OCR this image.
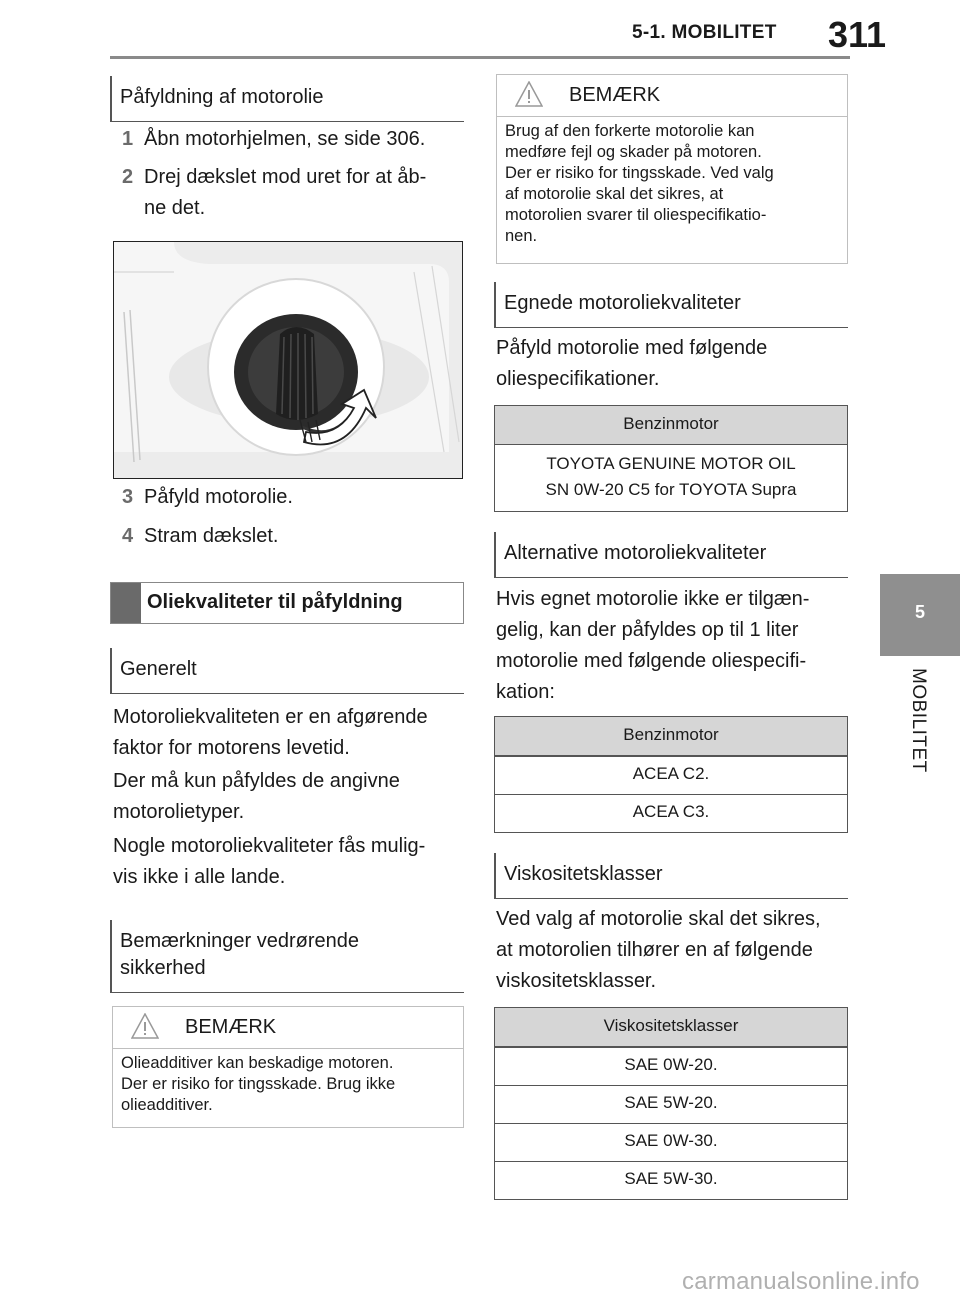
5-1. MOBILITET 311
5
MOBILITET
Påfyldning af motorolie
1 Åbn motorhjelmen, se side 306.
2 Drej dækslet mod uret for at åb-
ne det.
3 Påfyld motorolie.
4 Stram dækslet.
Oliekvaliteter til påfyldning
Generelt
Motoroliekvaliteten er en afgørende
faktor for motorens levetid.
Der må kun påfyldes de angivne
motorolietyper.
Nogle motoroliekvaliteter fås mulig-
vis ikke i alle lande.
Bemærkninger vedrørende
sikkerhed
BEMÆRK
Olieadditiver kan beskadige motoren.
Der er risiko for tingsskade. Brug ikke
olieadditiver.
BEMÆRK
Brug af den forkerte motorolie kan
medføre fejl og skader på motoren.
Der er risiko for tingsskade. Ved valg
af motorolie skal det sikres, at
motorolien svarer til oliespecifikatio-
nen.
Egnede motoroliekvaliteter
Påfyld motorolie med følgende
oliespecifikationer.
Benzinmotor
TOYOTA GENUINE MOTOR OIL
SN 0W-20 C5 for TOYOTA Supra
Alternative motoroliekvaliteter
Hvis egnet motorolie ikke er tilgæn-
gelig, kan der påfyldes op til 1 liter
motorolie med følgende oliespecifi-
kation:
Benzinmotor
ACEA C2.
ACEA C3.
Viskositetsklasser
Ved valg af motorolie skal det sikres,
at motorolien tilhører en af følgende
viskositetsklasser.
Viskositetsklasser
SAE 0W-20.
SAE 5W-20.
SAE 0W-30.
SAE 5W-30.
carmanualsonline.info
